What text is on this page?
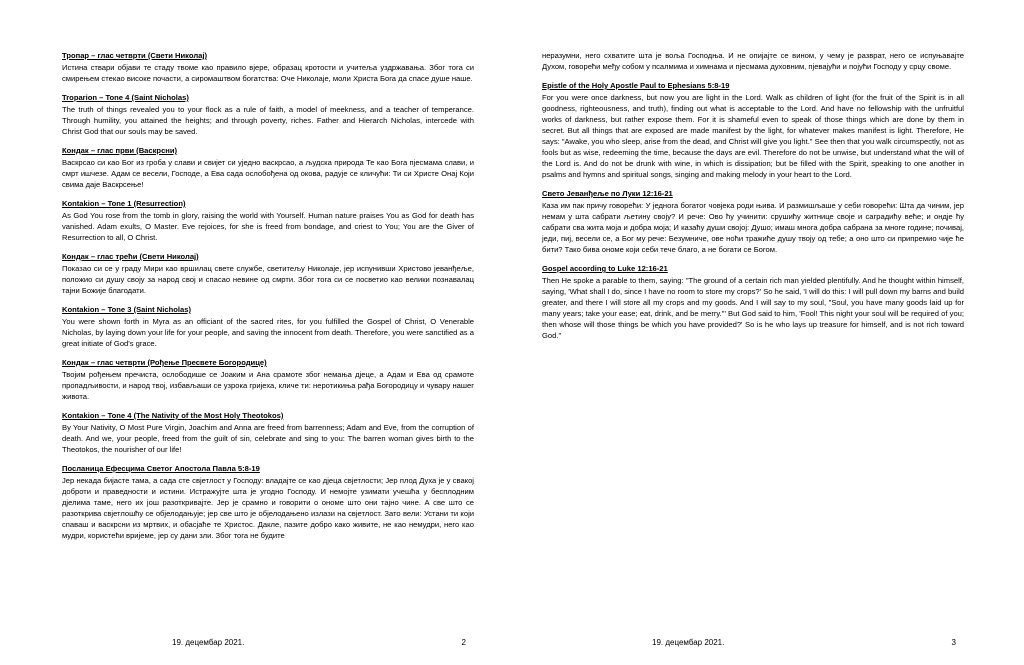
Тропар – глас четврти (Свети Николај)

Истина ствари објави те стаду твоме као правило вјере, образац кротости и учитеља уздржавања. Због тога си смирењем стекао високе почасти, а сиромаштвом богатства: Оче Николаје, моли Христа Бога да спасе душе наше.

Troparion – Tone 4 (Saint Nicholas)

The truth of things revealed you to your flock as a rule of faith, a model of meekness, and a teacher of temperance. Through humility, you attained the heights; and through poverty, riches. Father and Hierarch Nicholas, intercede with Christ God that our souls may be saved.

Кондак – глас први (Васкрсни)

Васкрсао си као Бог из гроба у слави и свијет си уједно васкрсао, а људска природа Те као Бога пјесмама слави, и смрт ишчезе. Адам се весели, Господе, а Ева сада ослобођена од окова, радује се кличући: Ти си Христе Онај Који свима даје Васкрсење!

Kontakion – Tone 1 (Resurrection)

As God You rose from the tomb in glory, raising the world with Yourself. Human nature praises You as God for death has vanished. Adam exults, O Master. Eve rejoices, for she is freed from bondage, and criest to You; You are the Giver of Resurrection to all, O Christ.

Кондак – глас трећи (Свети Николај)

Показао си се у граду Мири као вршилац свете службе, светитељу Николаје, јер испунивши Христово јеванђеље, положио си душу своју за народ свој и спасао невине од смрти. Због тога си се посветио као велики познавалац тајни Божије благодати.

Kontakion – Tone 3 (Saint Nicholas)

You were shown forth in Myra as an officiant of the sacred rites, for you fulfilled the Gospel of Christ, O Venerable Nicholas, by laying down your life for your people, and saving the innocent from death. Therefore, you were sanctified as a great initiate of God's grace.

Кондак – глас четврти (Рођење Пресвете Богородице)

Твојим рођењем пречиста, ослободише се Јоаким и Ана срамоте због немања дјеце, а Адам и Ева од срамоте пропадљивости, и народ твој, избављаши се узрока гријеха, кличе ти: неротикиња рађа Богородицу и чувару нашег живота.

Kontakion – Tone 4 (The Nativity of the Most Holy Theotokos)

By Your Nativity, O Most Pure Virgin, Joachim and Anna are freed from barrenness; Adam and Eve, from the corruption of death. And we, your people, freed from the guilt of sin, celebrate and sing to you: The barren woman gives birth to the Theotokos, the nourisher of our life!

Посланица Ефесцима Светог Апостола Павла 5:8-19

Јер некада бијасте тама, а сада сте свјетлост у Господу: владајте се као дјеца свјетлости; Јер плод Духа је у свакој доброти и праведности и истини. Истражујте шта је угодно Господу. И немојте узимати учешћа у бесплодним дјелима таме, него их још разоткривајте. Јер је срамно и говорити о ономе што они тајно чине. А све што се разоткрива свјетлошћу се објелодањује; јер све што је објелодањено излази на свјетлост. Зато вели: Устани ти који спаваш и васкрсни из мртвих, и обасјаће те Христос. Дакле, пазите добро како живите, не као немудри, него као мудри, користећи вријеме, јер су дани зли. Због тога не будите

19. децембар 2021.	2

неразумни, него схватите шта је воља Господња. И не опијајте се вином, у чему је разврат, него се испуњавајте Духом, говорећи међу собом у псалмима и химнама и пјесмама духовним, пјевајући и појући Господу у срцу своме.

Epistle of the Holy Apostle Paul to Ephesians 5:8-19

For you were once darkness, but now you are light in the Lord. Walk as children of light (for the fruit of the Spirit is in all goodness, righteousness, and truth), finding out what is acceptable to the Lord. And have no fellowship with the unfruitful works of darkness, but rather expose them. For it is shameful even to speak of those things which are done by them in secret. But all things that are exposed are made manifest by the light, for whatever makes manifest is light. Therefore, He says: "Awake, you who sleep, arise from the dead, and Christ will give you light." See then that you walk circumspectly, not as fools but as wise, redeeming the time, because the days are evil. Therefore do not be unwise, but understand what the will of the Lord is. And do not be drunk with wine, in which is dissipation; but be filled with the Spirit, speaking to one another in psalms and hymns and spiritual songs, singing and making melody in your heart to the Lord.

Свето Јеванђеље по Луки 12:16-21

Каза им пак причу говорећи: У једнога богатог човјека роди њива. И размишљаше у себи говорећи: Шта да чиним, јер немам у шта сабрати љетину своју? И рече: Ово ћу учинити: срушићу житнице своје и саградићу веће; и ондје ћу сабрати сва жита моја и добра моја; И казаћу души својој: Душо; имаш многа добра сабрана за многе године; почивај, једи, пиј, весели се, а Бог му рече: Безумниче, ове ноћи тражиће душу твоју од тебе; а оно што си припремио чије ће бити? Тако бива ономе који себи тече благо, а не богати се Богом.

Gospel according to Luke 12:16-21

Then He spoke a parable to them, saying: "The ground of a certain rich man yielded plentifully. And he thought within himself, saying, 'What shall I do, since I have no room to store my crops?' So he said, 'I will do this: I will pull down my barns and build greater, and there I will store all my crops and my goods. And I will say to my soul, "Soul, you have many goods laid up for many years; take your ease; eat, drink, and be merry."' But God said to him, 'Fool! This night your soul will be required of you; then whose will those things be which you have provided?' So is he who lays up treasure for himself, and is not rich toward God."

19. децембар 2021.	3
